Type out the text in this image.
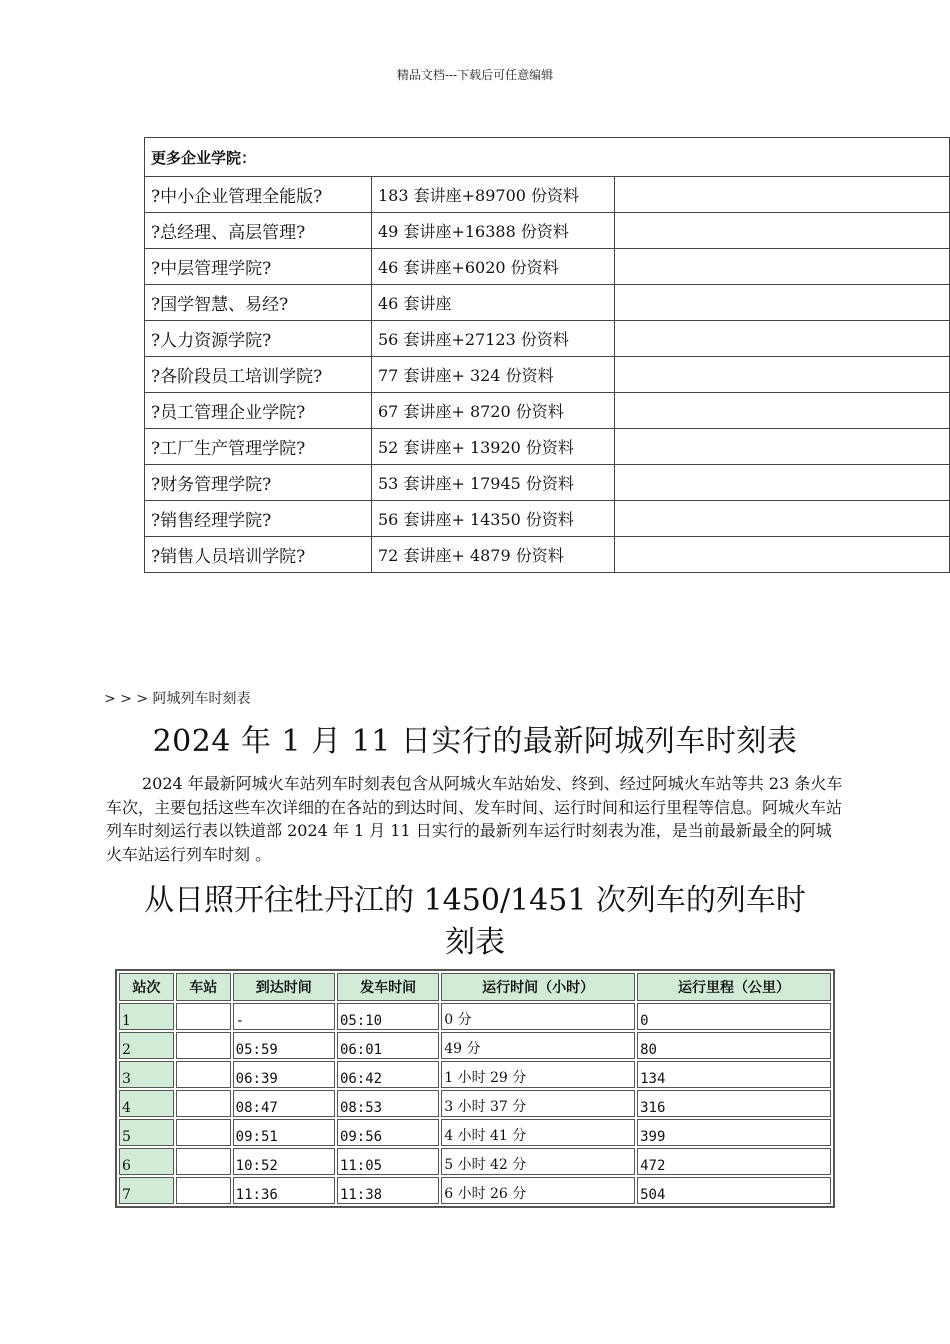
精品文档---下载后可任意编辑
更多企业学院：		
?中小企业管理全能版?	183 套讲座+89700 份资料	
?总经理、高层管理?	49 套讲座+16388 份资料	
?中层管理学院?	46 套讲座+6020 份资料	
?国学智慧、易经?	46 套讲座	
?人力资源学院?	56 套讲座+27123 份资料	
?各阶段员工培训学院?	77 套讲座+ 324 份资料	
?员工管理企业学院?	67 套讲座+ 8720 份资料	
?工厂生产管理学院?	52 套讲座+ 13920 份资料	
?财务管理学院?	53 套讲座+ 17945 份资料	
?销售经理学院?	56 套讲座+ 14350 份资料	
?销售人员培训学院?	72 套讲座+ 4879 份资料	
> > > 阿城列车时刻表
2024 年 1 月 11 日实行的最新阿城列车时刻表

2024 年最新阿城火车站列车时刻表包含从阿城火车站始发、终到、经过阿城火车站等共 23 条火车车次，主要包括这些车次详细的在各站的到达时间、发车时间、运行时间和运行里程等信息。阿城火车站列车时刻运行表以铁道部 2024 年 1 月 11 日实行的最新列车运行时刻表为准，是当前最新最全的阿城火车站运行列车时刻 。

从日照开往牡丹江的 1450/1451 次列车的列车时刻表
站次	车站	到达时间	发车时间	运行时间（小时）	运行里程（公里）
1		-	05:10	0 分	0
2		05:59	06:01	49 分	80
3		06:39	06:42	1 小时 29 分	134
4		08:47	08:53	3 小时 37 分	316
5		09:51	09:56	4 小时 41 分	399
6		10:52	11:05	5 小时 42 分	472
7		11:36	11:38	6 小时 26 分	504
